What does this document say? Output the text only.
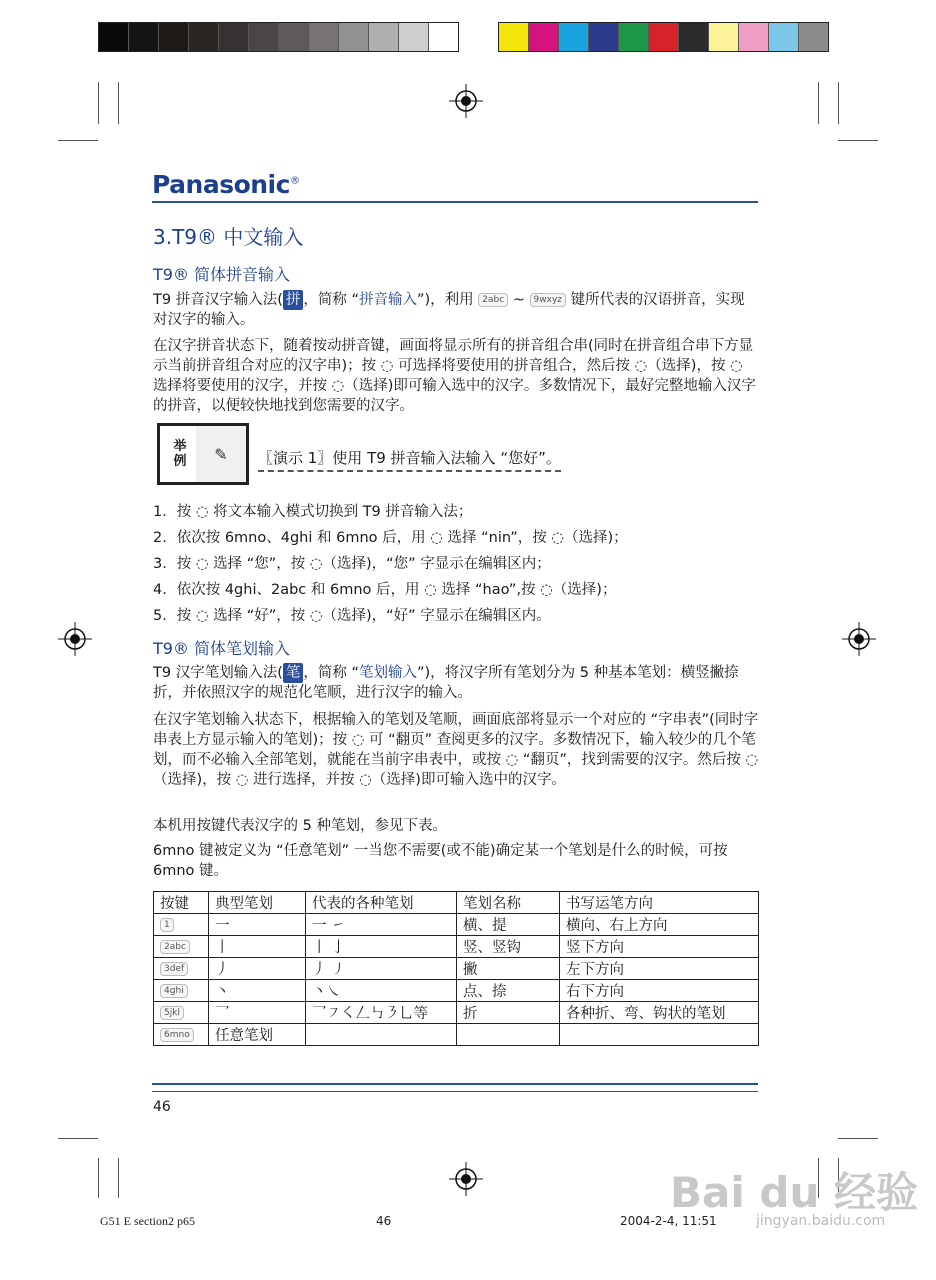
Panasonic®
3.T9® 中文输入
T9® 简体拼音输入
T9 拼音汉字输入法( 拼 ，简称 “拼音输入”)，利用 2abc ~ 9wxyz 键所代表的汉语拼音，实现对汉字的输入。
在汉字拼音状态下，随着按动拼音键，画面将显示所有的拼音组合串(同时在拼音组合串下方显示当前拼音组合对应的汉字串)；按 ◌ 可选择将要使用的拼音组合，然后按 ◌（选择)，按 ◌ 选择将要使用的汉字，并按 ◌（选择)即可输入选中的汉字。多数情况下，最好完整地输入汉字的拼音，以便较快地找到您需要的汉字。
举
例	✎	〖演示 1〗使用 T9 拼音输入法输入 “您好”。
1．按 ◌ 将文本输入模式切换到 T9 拼音输入法；
2．依次按 6mno、4ghi 和 6mno 后，用 ◌ 选择 “nin”，按 ◌（选择)；
3．按 ◌ 选择 “您”，按 ◌（选择)，“您” 字显示在编辑区内；
4．依次按 4ghi、2abc 和 6mno 后，用 ◌ 选择 “hao”,按 ◌（选择)；
5．按 ◌ 选择 “好”，按 ◌（选择)，“好” 字显示在编辑区内。
T9® 简体笔划输入
T9 汉字笔划输入法( 笔 ，简称 “笔划输入”)，将汉字所有笔划分为 5 种基本笔划：横竖撇捺折，并依照汉字的规范化笔顺，进行汉字的输入。
在汉字笔划输入状态下，根据输入的笔划及笔顺，画面底部将显示一个对应的 “字串表”(同时字串表上方显示输入的笔划)；按 ◌ 可 “翻页” 查阅更多的汉字。多数情况下，输入较少的几个笔划，而不必输入全部笔划，就能在当前字串表中，或按 ◌ “翻页”，找到需要的汉字。然后按 ◌（选择)，按 ◌ 进行选择，并按 ◌（选择)即可输入选中的汉字。
本机用按键代表汉字的 5 种笔划，参见下表。
6mno 键被定义为 “任意笔划” 一当您不需要(或不能)确定某一个笔划是什么的时候，可按 6mno 键。
按键	典型笔划	代表的各种笔划	笔划名称	书写运笔方向
1	一	一 ㇀	横、提	横向、右上方向
2abc	丨	丨 亅	竖、竖钩	竖下方向
3def	丿	丿 ㇓	撇	左下方向
4ghi	丶	丶㇏	点、捺	右下方向
5jkl	乛	乛㇇㇛𠃋㇉㇋乚等	折	各种折、弯、钩状的笔划
6mno	任意笔划			
46
G51 E section2 p65	46	2004-2-4, 11:51
Bai du 经验
jingyan.baidu.com
